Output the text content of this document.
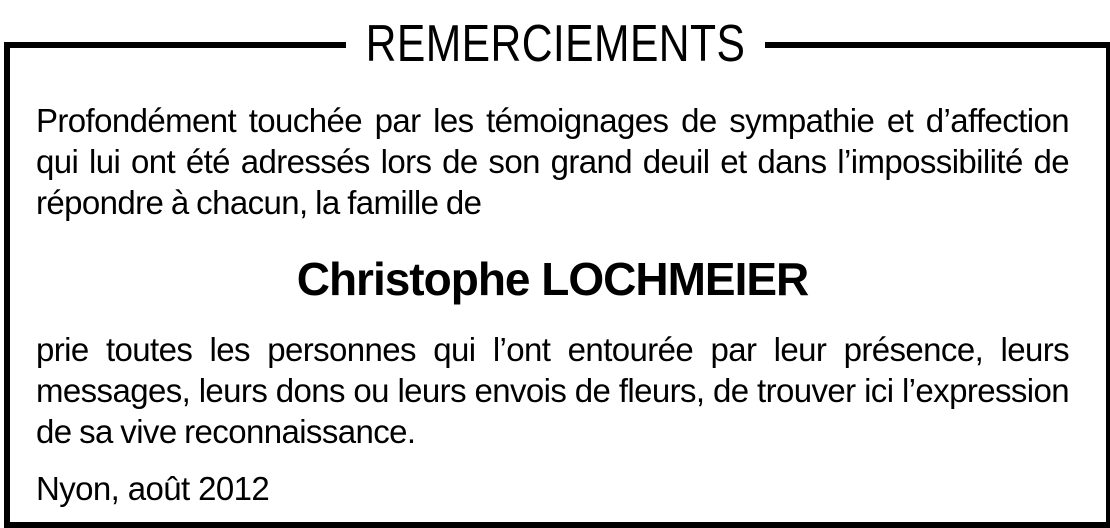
REMERCIEMENTS

Profondément touchée par les témoignages de sympathie et d’affection qui lui ont été adressés lors de son grand deuil et dans l’impossibilité de répondre à chacun, la famille de

Christophe LOCHMEIER

prie toutes les personnes qui l’ont entourée par leur présence, leurs messages, leurs dons ou leurs envois de fleurs, de trouver ici l’expression de sa vive reconnaissance.

Nyon, août 2012
